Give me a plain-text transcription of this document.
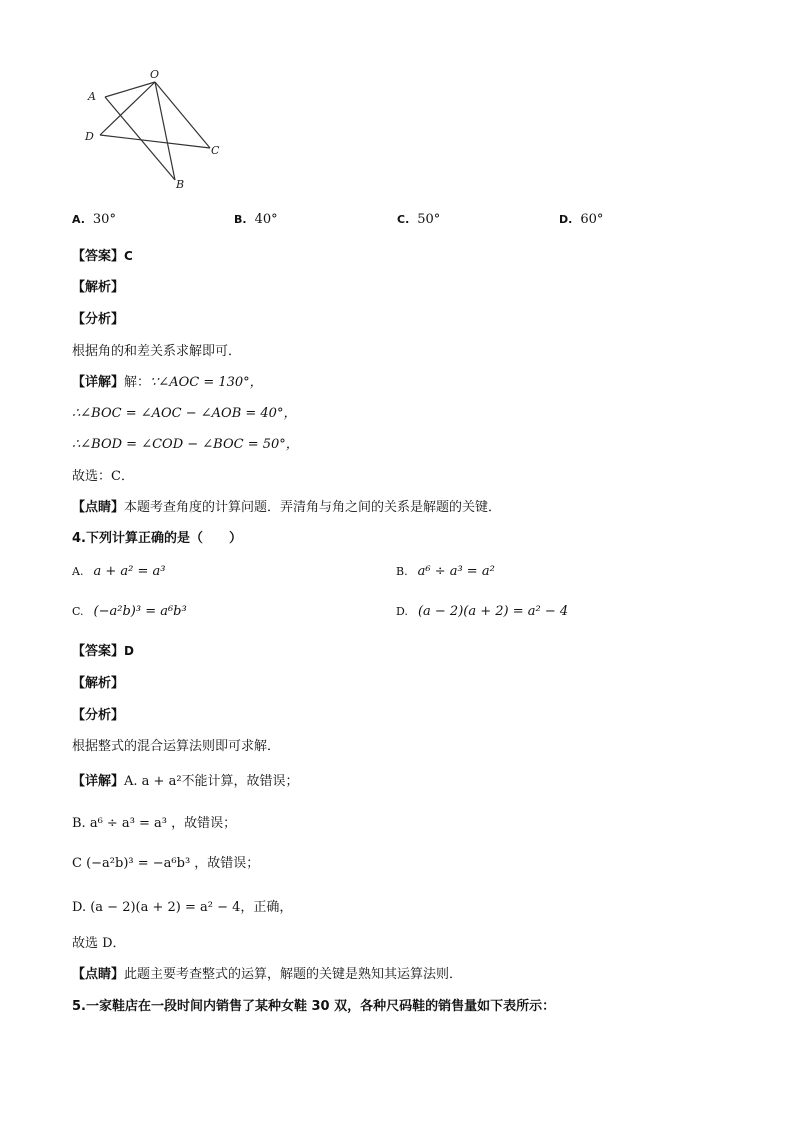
O
A
D
C
B
A. 30°	B. 40°	C. 50°	D. 60°
【答案】C
【解析】
【分析】
根据角的和差关系求解即可．
【详解】解：∵∠AOC = 130°，
∴∠BOC = ∠AOC − ∠AOB = 40°，
∴∠BOD = ∠COD − ∠BOC = 50°，
故选：C．
【点睛】本题考查角度的计算问题．弄清角与角之间的关系是解题的关键．
4.下列计算正确的是（　　）
A. a + a² = a³	B. a⁶ ÷ a³ = a²
C. (−a²b)³ = a⁶b³	D. (a − 2)(a + 2) = a² − 4
【答案】D
【解析】
【分析】
根据整式的混合运算法则即可求解．
【详解】A. a + a²不能计算，故错误；
B. a⁶ ÷ a³ = a³ ，故错误；
C (−a²b)³ = −a⁶b³ ，故错误；
D. (a − 2)(a + 2) = a² − 4，正确，
故选 D．
【点睛】此题主要考查整式的运算，解题的关键是熟知其运算法则．
5.一家鞋店在一段时间内销售了某种女鞋 30 双，各种尺码鞋的销售量如下表所示：
